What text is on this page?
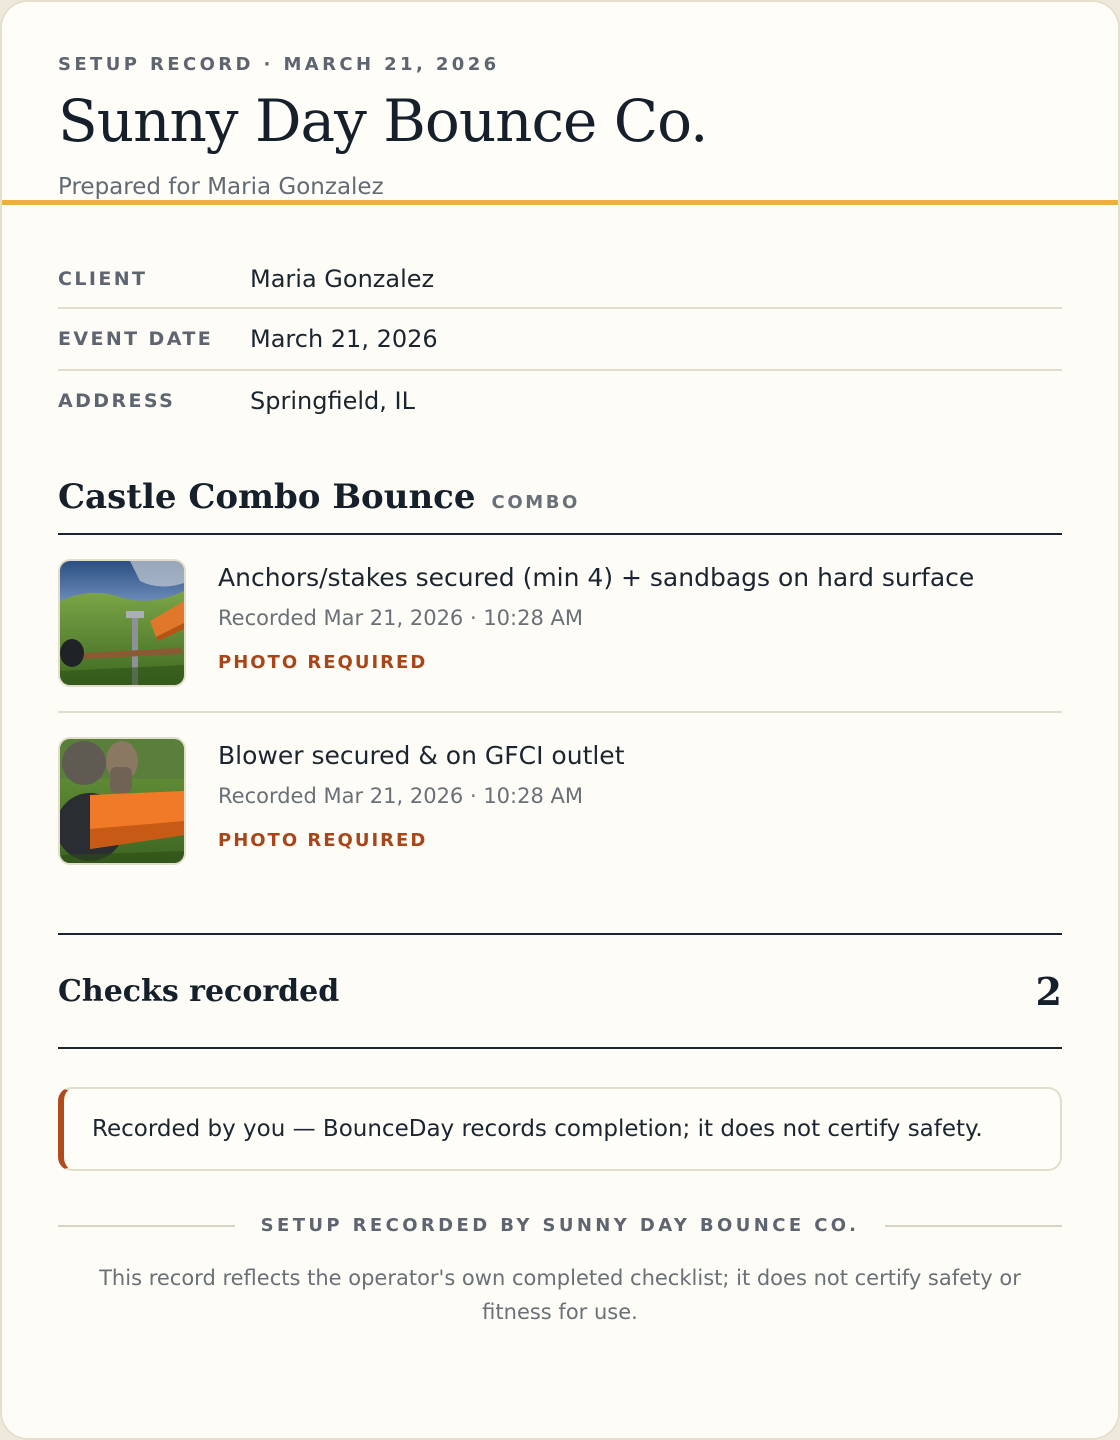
SETUP RECORD · MARCH 21, 2026
Sunny Day Bounce Co.
Prepared for Maria Gonzalez
CLIENT	Maria Gonzalez
EVENT DATE	March 21, 2026
ADDRESS	Springfield, IL
Castle Combo Bounce COMBO
Anchors/stakes secured (min 4) + sandbags on hard surface
Recorded Mar 21, 2026 · 10:28 AM
PHOTO REQUIRED
Blower secured & on GFCI outlet
Recorded Mar 21, 2026 · 10:28 AM
PHOTO REQUIRED
Checks recorded	2
Recorded by you — BounceDay records completion; it does not certify safety.
SETUP RECORDED BY SUNNY DAY BOUNCE CO.
This record reflects the operator's own completed checklist; it does not certify safety or fitness for use.
